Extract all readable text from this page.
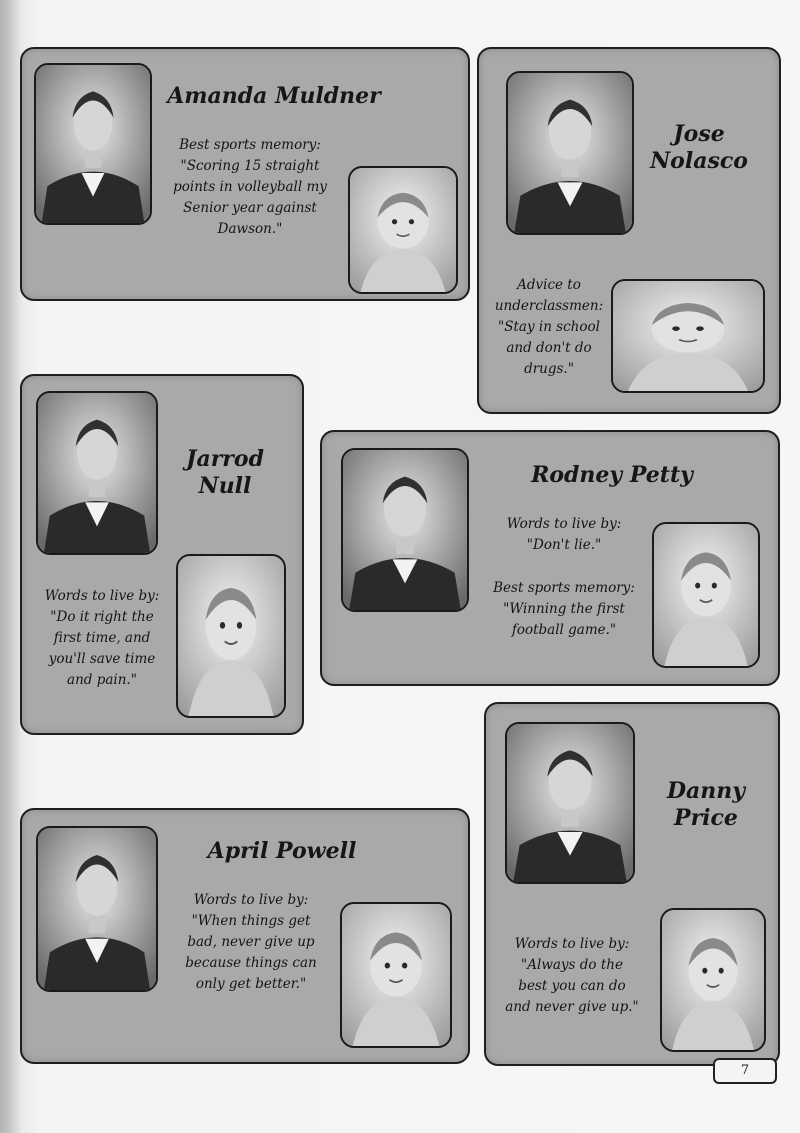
Amanda Muldner
Best sports memory:
"Scoring 15 straight
points in volleyball my
Senior year against
Dawson."
Jose
Nolasco
Advice to
underclassmen:
"Stay in school
and don't do
drugs."
Jarrod
Null
Words to live by:
"Do it right the
first time, and
you'll save time
and pain."
Rodney Petty
Words to live by:
"Don't lie."
Best sports memory:
"Winning the first
football game."
April Powell
Words to live by:
"When things get
bad, never give up
because things can
only get better."
Danny
Price
Words to live by:
"Always do the
best you can do
and never give up."
7
